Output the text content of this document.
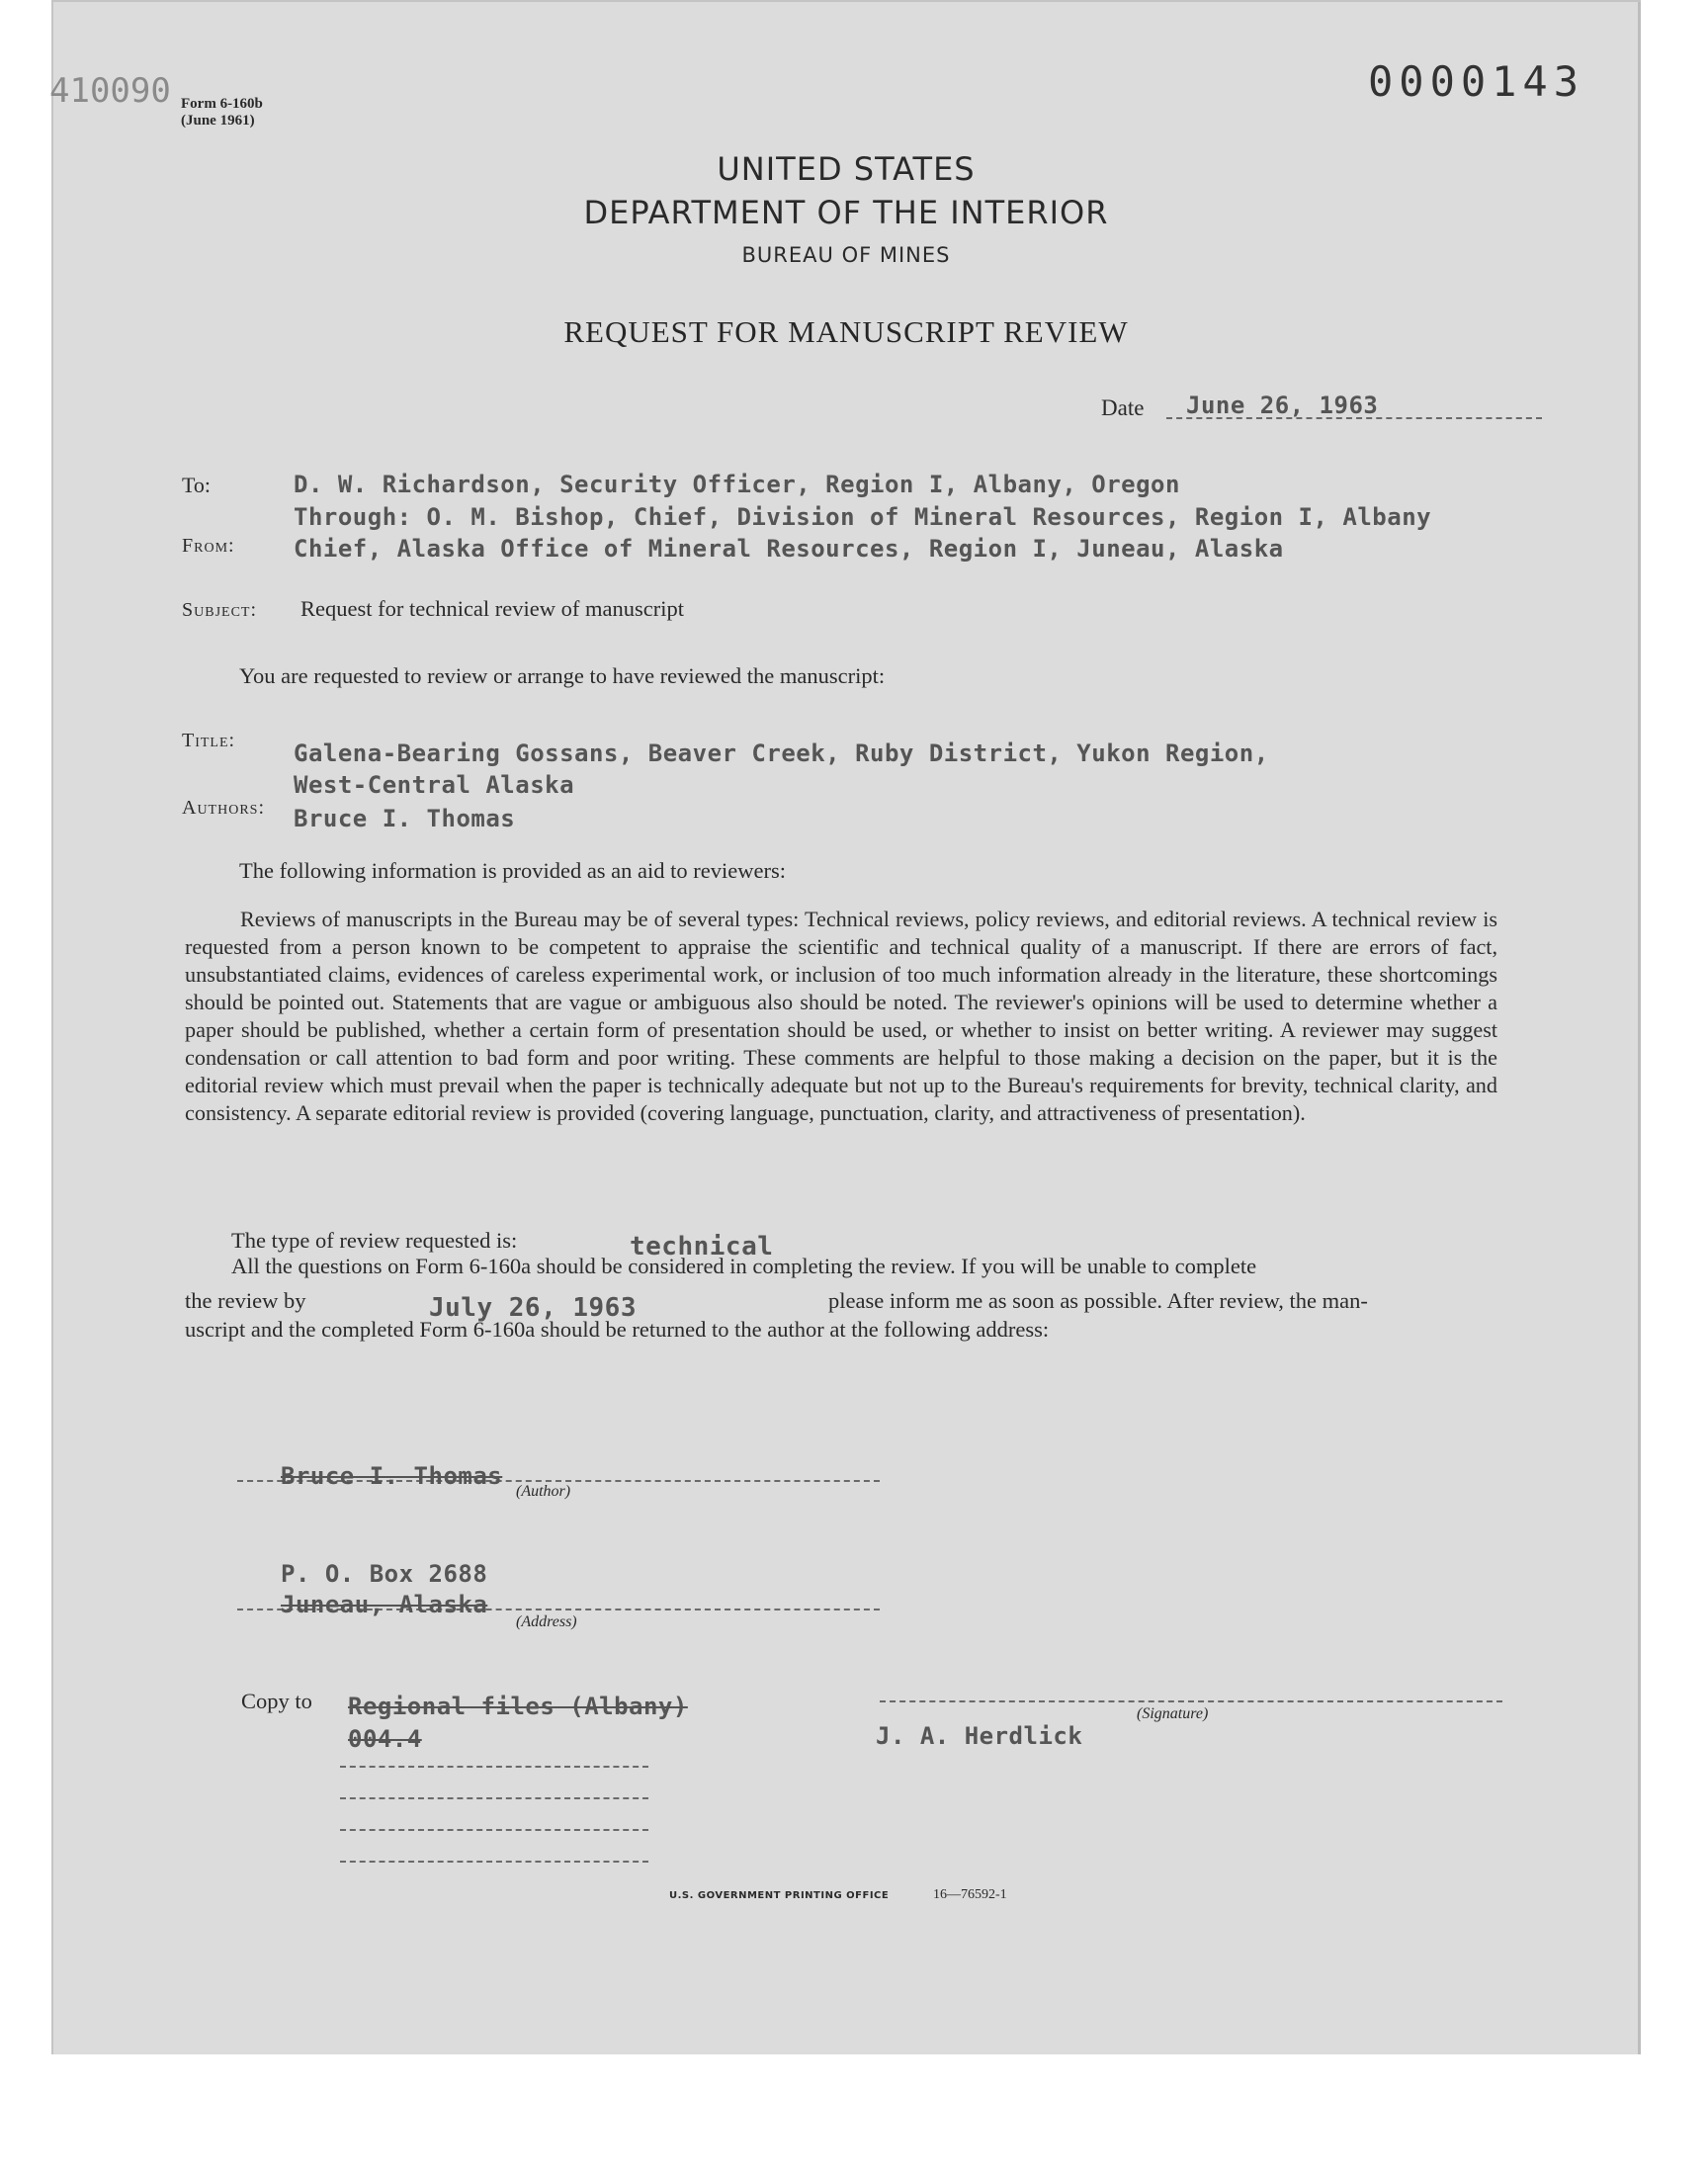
410090 Form 6-160b
(June 1961)
0000143
UNITED STATES
DEPARTMENT OF THE INTERIOR
BUREAU OF MINES
REQUEST FOR MANUSCRIPT REVIEW
Date June 26, 1963
To:	D. W. Richardson, Security Officer, Region I, Albany, Oregon
Through: O. M. Bishop, Chief, Division of Mineral Resources, Region I, Albany
From: Chief, Alaska Office of Mineral Resources, Region I, Juneau, Alaska
Subject: Request for technical review of manuscript
You are requested to review or arrange to have reviewed the manuscript:
Title: Galena-Bearing Gossans, Beaver Creek, Ruby District, Yukon Region,
West-Central Alaska
Authors: Bruce I. Thomas
The following information is provided as an aid to reviewers:
Reviews of manuscripts in the Bureau may be of several types: Technical reviews, policy reviews, and editorial reviews. A technical review is requested from a person known to be competent to appraise the scientific and technical quality of a manuscript. If there are errors of fact, unsubstantiated claims, evidences of careless experimental work, or inclusion of too much information already in the literature, these shortcomings should be pointed out. Statements that are vague or ambiguous also should be noted. The reviewer's opinions will be used to determine whether a paper should be published, whether a certain form of presentation should be used, or whether to insist on better writing. A reviewer may suggest condensation or call attention to bad form and poor writing. These comments are helpful to those making a decision on the paper, but it is the editorial review which must prevail when the paper is technically adequate but not up to the Bureau's requirements for brevity, technical clarity, and consistency. A separate editorial review is provided (covering language, punctuation, clarity, and attractiveness of presentation).
The type of review requested is:	technical
All the questions on Form 6-160a should be considered in completing the review. If you will be unable to complete
the review by	July 26, 1963	please inform me as soon as possible. After review, the man-
uscript and the completed Form 6-160a should be returned to the author at the following address:
Bruce I. Thomas
(Author)
P. O. Box 2688
Juneau, Alaska
(Address)
Copy to Regional files (Albany)
004.4
(Signature)
J. A. Herdlick
U.S. GOVERNMENT PRINTING OFFICE	16—76592-1
